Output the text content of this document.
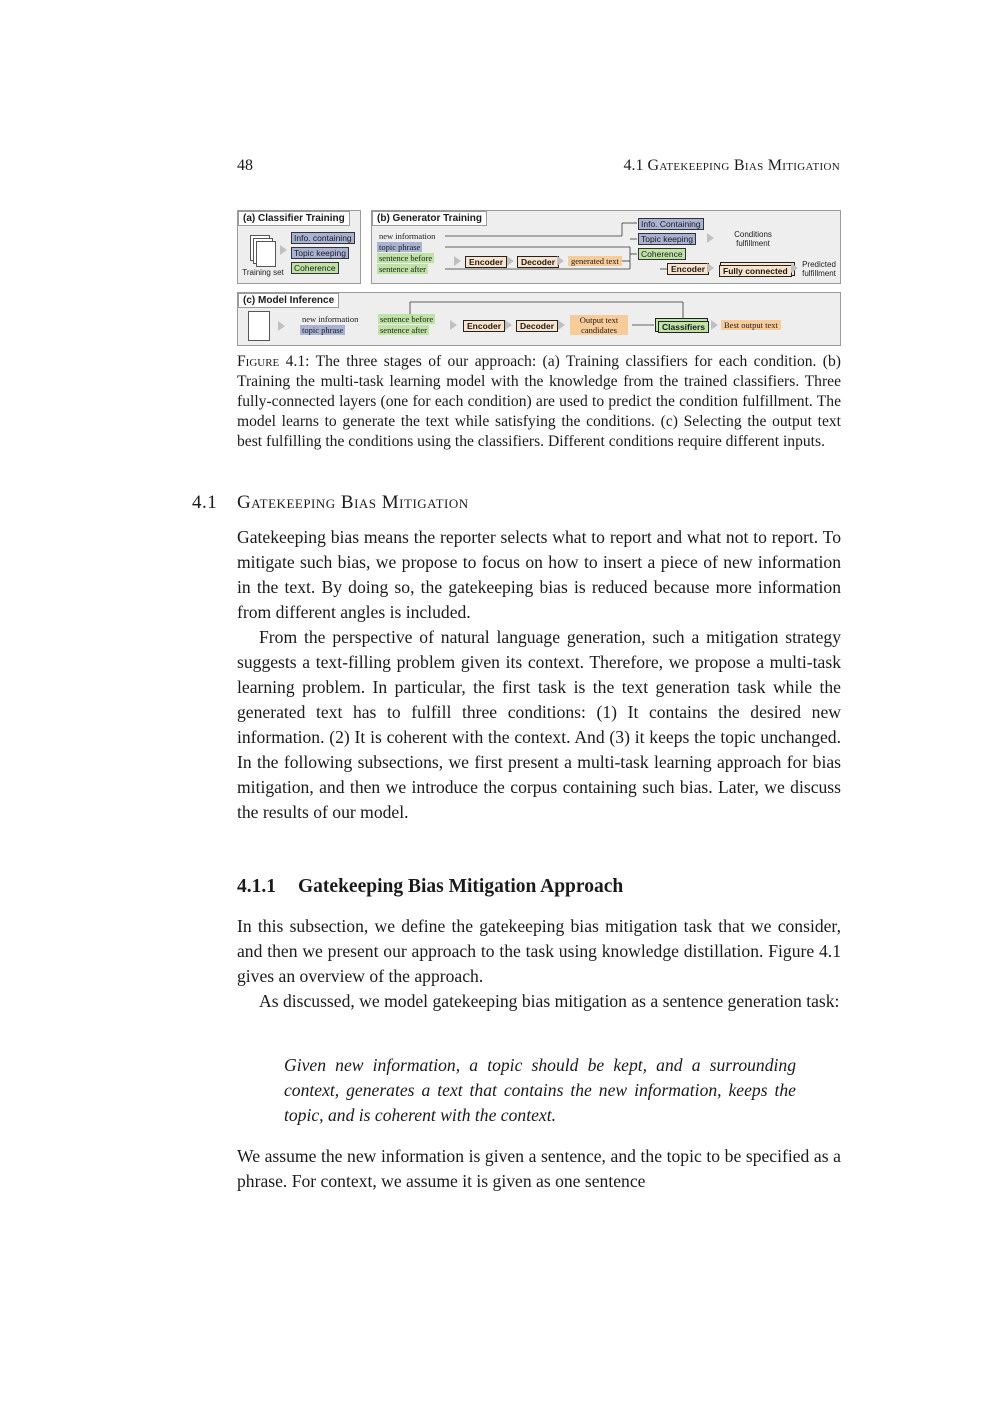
48	4.1 Gatekeeping Bias Mitigation
(a) Classifier Training
Training set
Info. containing
Topic keeping
Coherence
(b) Generator Training
new information
topic phrase
sentence before
sentence after
Encoder	Decoder	generated text
Info. Containing
Topic keeping
Coherence
Encoder
Conditions fulfillment
Fully connected
Predicted fulfillment
(c) Model Inference
new information
topic phrase
sentence before
sentence after	Encoder	Decoder
Output text candidates	Classifiers	Best output text
Figure 4.1: The three stages of our approach: (a) Training classifiers for each condition. (b) Training the multi-task learning model with the knowledge from the trained classifiers. Three fully-connected layers (one for each condition) are used to predict the condition fulfillment. The model learns to generate the text while satisfying the conditions. (c) Selecting the output text best fulfilling the conditions using the classifiers. Different conditions require different inputs.
4.1 Gatekeeping Bias Mitigation
Gatekeeping bias means the reporter selects what to report and what not to report. To mitigate such bias, we propose to focus on how to insert a piece of new information in the text. By doing so, the gatekeeping bias is reduced because more information from different angles is included.
From the perspective of natural language generation, such a mitigation strategy suggests a text-filling problem given its context. Therefore, we propose a multi-task learning problem. In particular, the first task is the text generation task while the generated text has to fulfill three conditions: (1) It contains the desired new information. (2) It is coherent with the context. And (3) it keeps the topic unchanged. In the following subsections, we first present a multi-task learning approach for bias mitigation, and then we introduce the corpus containing such bias. Later, we discuss the results of our model.
4.1.1 Gatekeeping Bias Mitigation Approach
In this subsection, we define the gatekeeping bias mitigation task that we consider, and then we present our approach to the task using knowledge distillation. Figure 4.1 gives an overview of the approach.
As discussed, we model gatekeeping bias mitigation as a sentence generation task:
Given new information, a topic should be kept, and a surrounding context, generates a text that contains the new information, keeps the topic, and is coherent with the context.
We assume the new information is given a sentence, and the topic to be specified as a phrase. For context, we assume it is given as one sentence
